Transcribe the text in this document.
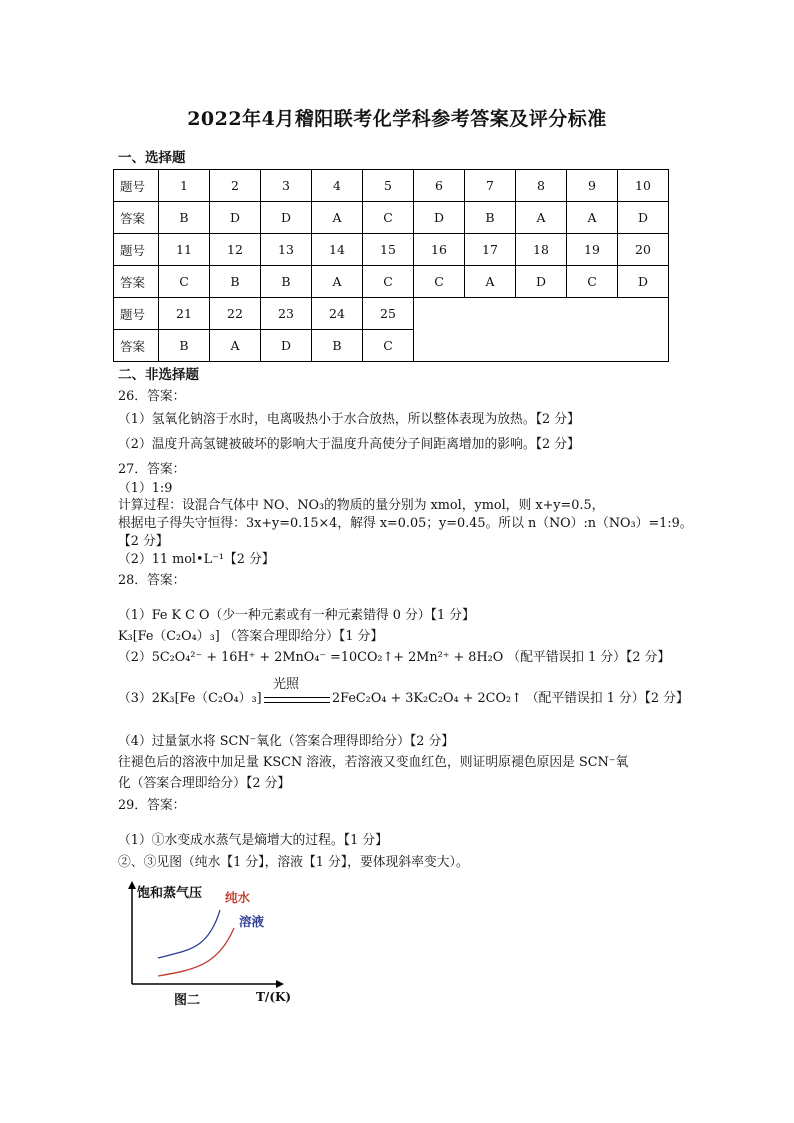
2022年4月稽阳联考化学科参考答案及评分标准
一、选择题
题号	1	2	3	4	5	6	7	8	9	10
答案	B	D	D	A	C	D	B	A	A	D
题号	11	12	13	14	15	16	17	18	19	20
答案	C	B	B	A	C	C	A	D	C	D
题号	21	22	23	24	25					
答案	B	A	D	B	C					
二、非选择题
26．答案：
（1）氢氧化钠溶于水时，电离吸热小于水合放热，所以整体表现为放热。【2 分】
（2）温度升高氢键被破坏的影响大于温度升高使分子间距离增加的影响。【2 分】
27．答案：
（1）1:9
计算过程：设混合气体中 NO、NO₃的物质的量分别为 xmol，ymol，则 x+y=0.5，
根据电子得失守恒得：3x+y=0.15×4，解得 x=0.05；y=0.45。所以 n（NO）:n（NO₃）=1:9。
【2 分】
（2）11 mol•L⁻¹【2 分】
28．答案：
（1）Fe K C O（少一种元素或有一种元素错得 0 分）【1 分】
K₃[Fe（C₂O₄）₃] （答案合理即给分）【1 分】
（2）5C₂O₄²⁻ + 16H⁺ + 2MnO₄⁻ =10CO₂↑+ 2Mn²⁺ + 8H₂O （配平错误扣 1 分）【2 分】
（3）2K₃[Fe（C₂O₄）₃]
光照
2FeC₂O₄ + 3K₂C₂O₄ + 2CO₂↑ （配平错误扣 1 分）【2 分】
（4）过量氯水将 SCN⁻氧化（答案合理得即给分）【2 分】
往褪色后的溶液中加足量 KSCN 溶液，若溶液又变血红色，则证明原褪色原因是 SCN⁻氧
化（答案合理即给分）【2 分】
29．答案：
（1）①水变成水蒸气是熵增大的过程。【1 分】
②、③见图（纯水【1 分】，溶液【1 分】，要体现斜率变大）。
饱和蒸气压 纯水
溶液
图二	T/(K)
